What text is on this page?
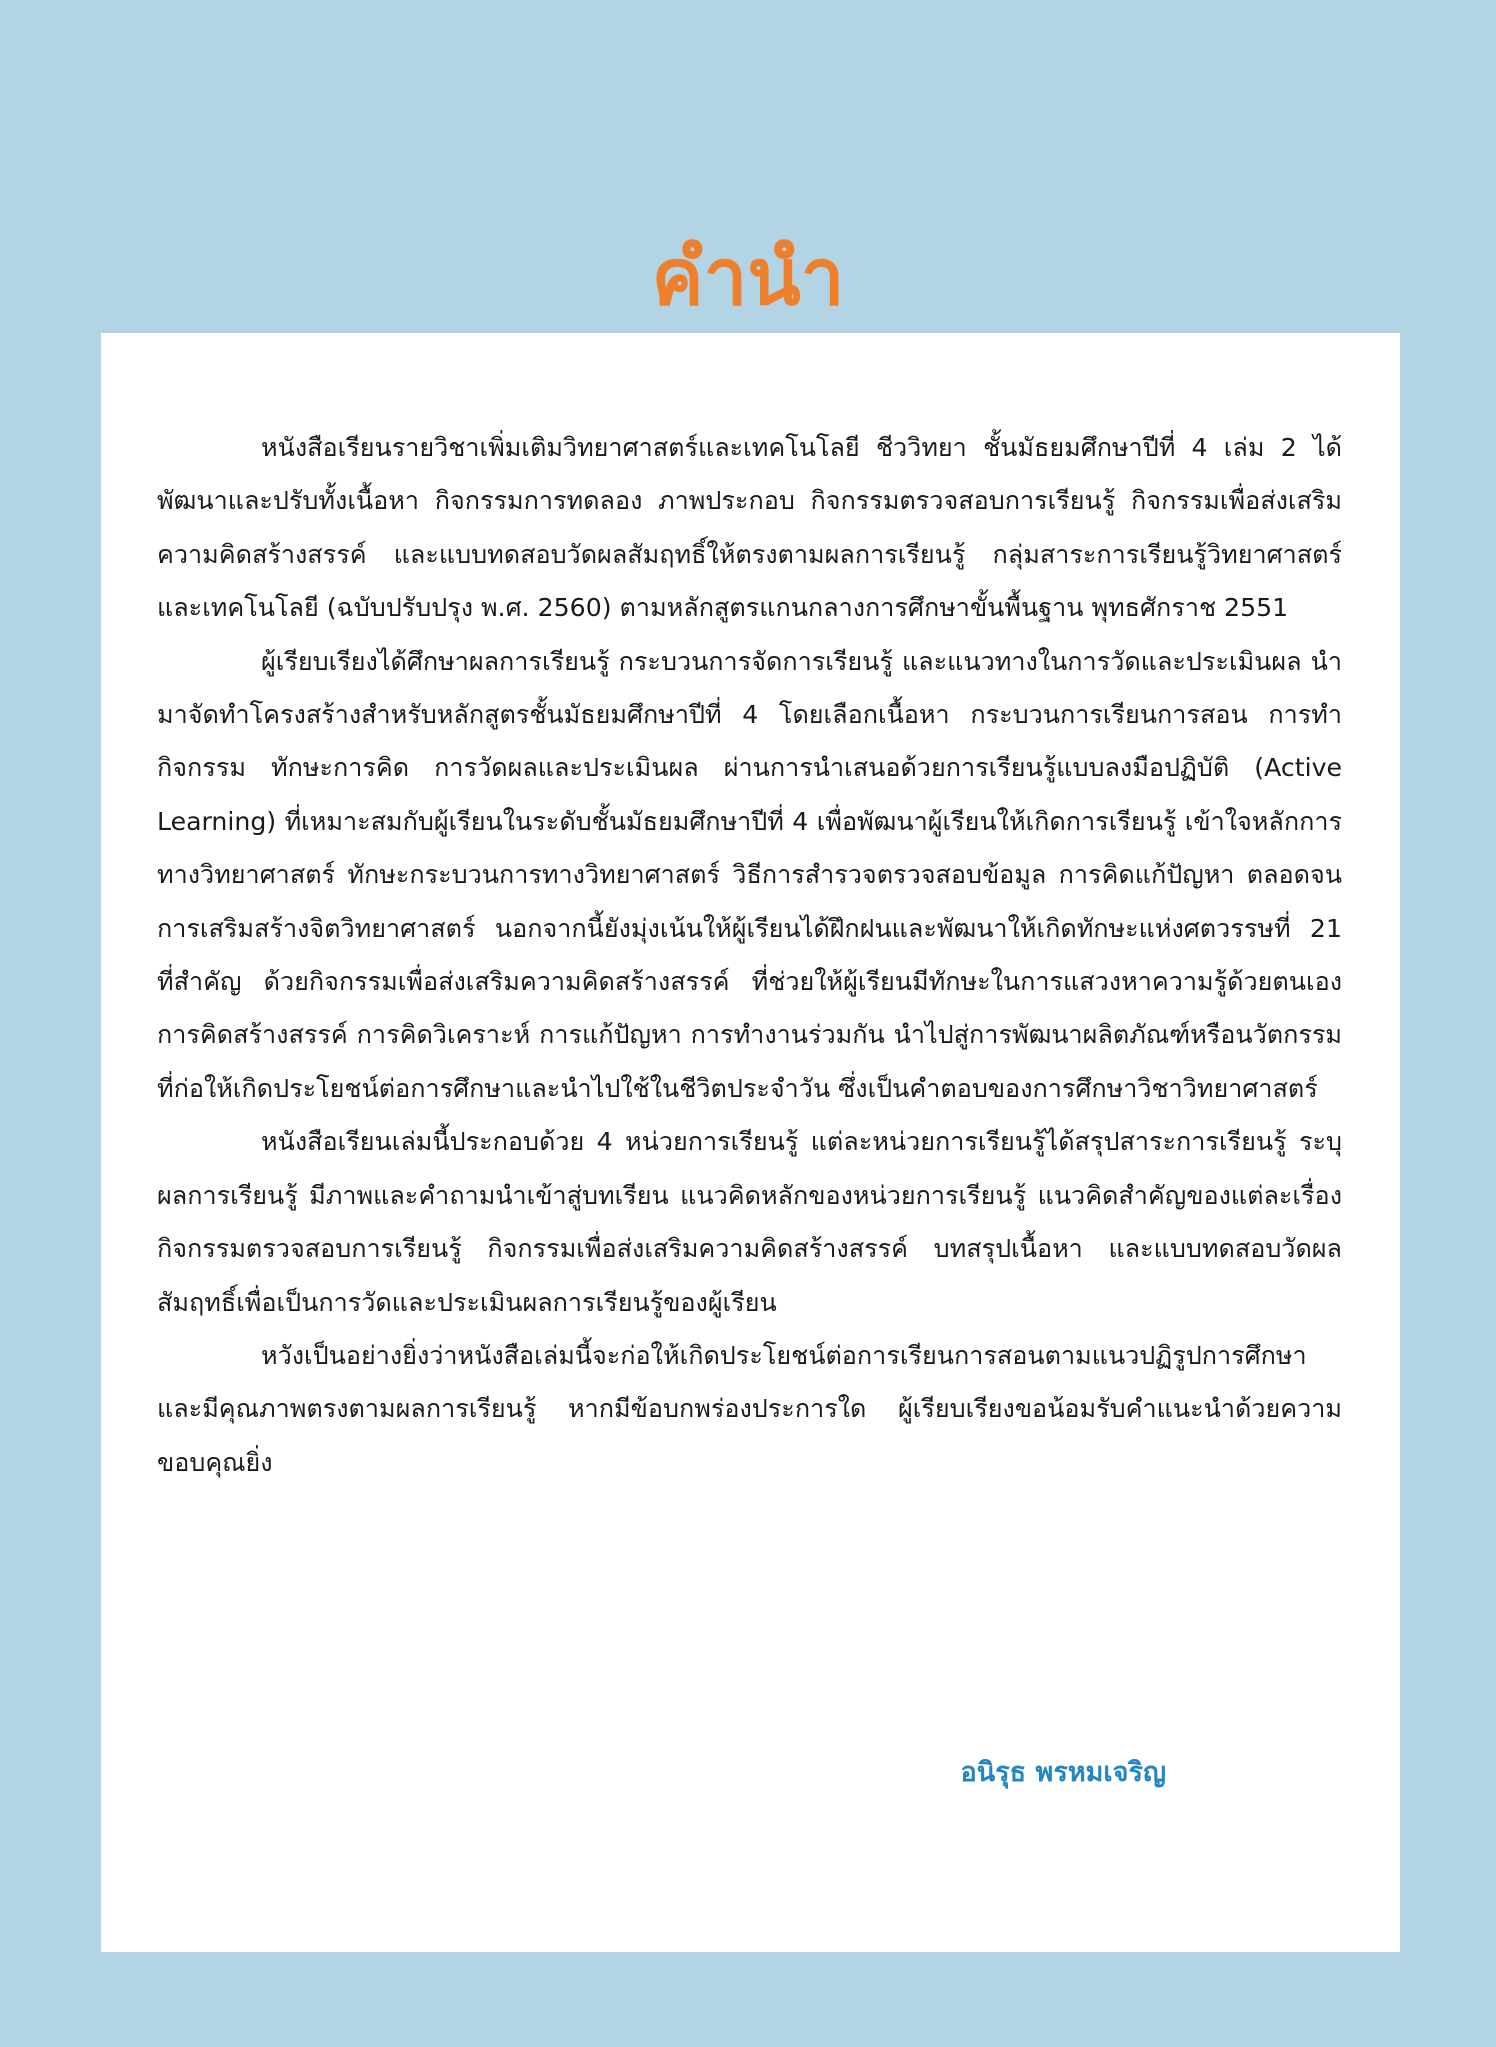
คำนำ

หนังสือเรียนรายวิชาเพิ่มเติมวิทยาศาสตร์และเทคโนโลยี ชีววิทยา ชั้นมัธยมศึกษาปีที่ 4 เล่ม 2 ได้พัฒนาและปรับทั้งเนื้อหา กิจกรรมการทดลอง ภาพประกอบ กิจกรรมตรวจสอบการเรียนรู้ กิจกรรมเพื่อส่งเสริมความคิดสร้างสรรค์ และแบบทดสอบวัดผลสัมฤทธิ์ให้ตรงตามผลการเรียนรู้ กลุ่มสาระการเรียนรู้วิทยาศาสตร์และเทคโนโลยี (ฉบับปรับปรุง พ.ศ. 2560) ตามหลักสูตรแกนกลางการศึกษาขั้นพื้นฐาน พุทธศักราช 2551

ผู้เรียบเรียงได้ศึกษาผลการเรียนรู้ กระบวนการจัดการเรียนรู้ และแนวทางในการวัดและประเมินผล นำมาจัดทำโครงสร้างสำหรับหลักสูตรชั้นมัธยมศึกษาปีที่ 4 โดยเลือกเนื้อหา กระบวนการเรียนการสอน การทำกิจกรรม ทักษะการคิด การวัดผลและประเมินผล ผ่านการนำเสนอด้วยการเรียนรู้แบบลงมือปฏิบัติ (Active Learning) ที่เหมาะสมกับผู้เรียนในระดับชั้นมัธยมศึกษาปีที่ 4 เพื่อพัฒนาผู้เรียนให้เกิดการเรียนรู้ เข้าใจหลักการทางวิทยาศาสตร์ ทักษะกระบวนการทางวิทยาศาสตร์ วิธีการสำรวจตรวจสอบข้อมูล การคิดแก้ปัญหา ตลอดจนการเสริมสร้างจิตวิทยาศาสตร์ นอกจากนี้ยังมุ่งเน้นให้ผู้เรียนได้ฝึกฝนและพัฒนาให้เกิดทักษะแห่งศตวรรษที่ 21 ที่สำคัญ ด้วยกิจกรรมเพื่อส่งเสริมความคิดสร้างสรรค์ ที่ช่วยให้ผู้เรียนมีทักษะในการแสวงหาความรู้ด้วยตนเอง การคิดสร้างสรรค์ การคิดวิเคราะห์ การแก้ปัญหา การทำงานร่วมกัน นำไปสู่การพัฒนาผลิตภัณฑ์หรือนวัตกรรมที่ก่อให้เกิดประโยชน์ต่อการศึกษาและนำไปใช้ในชีวิตประจำวัน ซึ่งเป็นคำตอบของการศึกษาวิชาวิทยาศาสตร์

หนังสือเรียนเล่มนี้ประกอบด้วย 4 หน่วยการเรียนรู้ แต่ละหน่วยการเรียนรู้ได้สรุปสาระการเรียนรู้ ระบุผลการเรียนรู้ มีภาพและคำถามนำเข้าสู่บทเรียน แนวคิดหลักของหน่วยการเรียนรู้ แนวคิดสำคัญของแต่ละเรื่อง กิจกรรมตรวจสอบการเรียนรู้ กิจกรรมเพื่อส่งเสริมความคิดสร้างสรรค์ บทสรุปเนื้อหา และแบบทดสอบวัดผลสัมฤทธิ์เพื่อเป็นการวัดและประเมินผลการเรียนรู้ของผู้เรียน

หวังเป็นอย่างยิ่งว่าหนังสือเล่มนี้จะก่อให้เกิดประโยชน์ต่อการเรียนการสอนตามแนวปฏิรูปการศึกษา และมีคุณภาพตรงตามผลการเรียนรู้ หากมีข้อบกพร่องประการใด ผู้เรียบเรียงขอน้อมรับคำแนะนำด้วยความขอบคุณยิ่ง

อนิรุธ พรหมเจริญ
